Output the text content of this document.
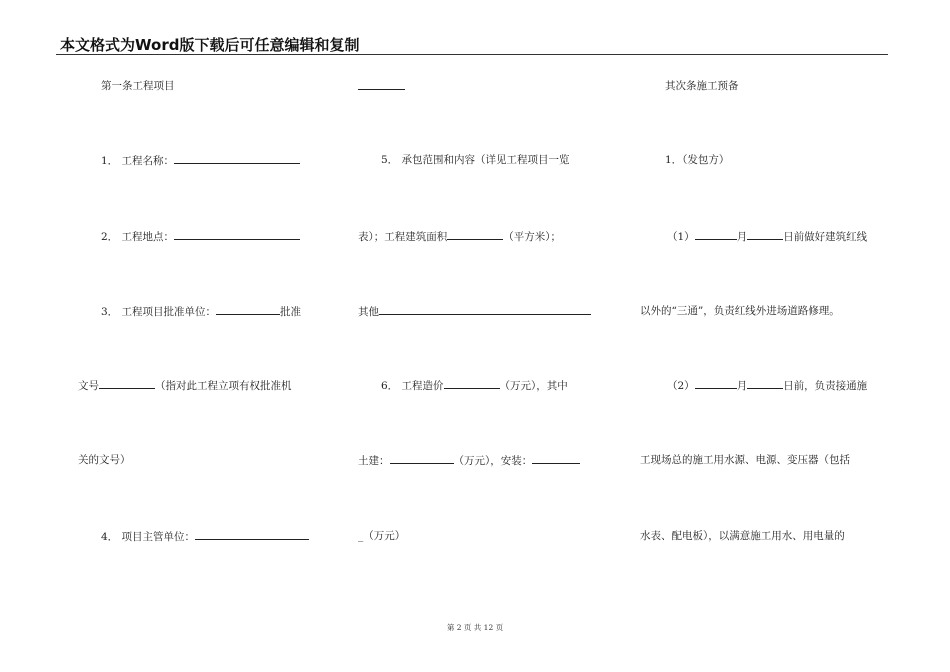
本文格式为Word版下载后可任意编辑和复制
第一条工程项目
1． 工程名称：
2． 工程地点：
3． 工程项目批准单位：	批准
文号	（指对此工程立项有权批准机
关的文号）
4． 项目主管单位：
5． 承包范围和内容（详见工程项目一览
表）；工程建筑面积	（平方米）；
其他
6． 工程造价	（万元），其中
土建：	（万元），安装：
_（万元）
其次条施工预备
1．（发包方）
（1）	月	日前做好建筑红线
以外的“三通”，负责红线外进场道路修理。
（2）	月	日前，负责接通施
工现场总的施工用水源、电源、变压器（包括
水表、配电板），以满意施工用水、用电量的
第 2 页 共 12 页
